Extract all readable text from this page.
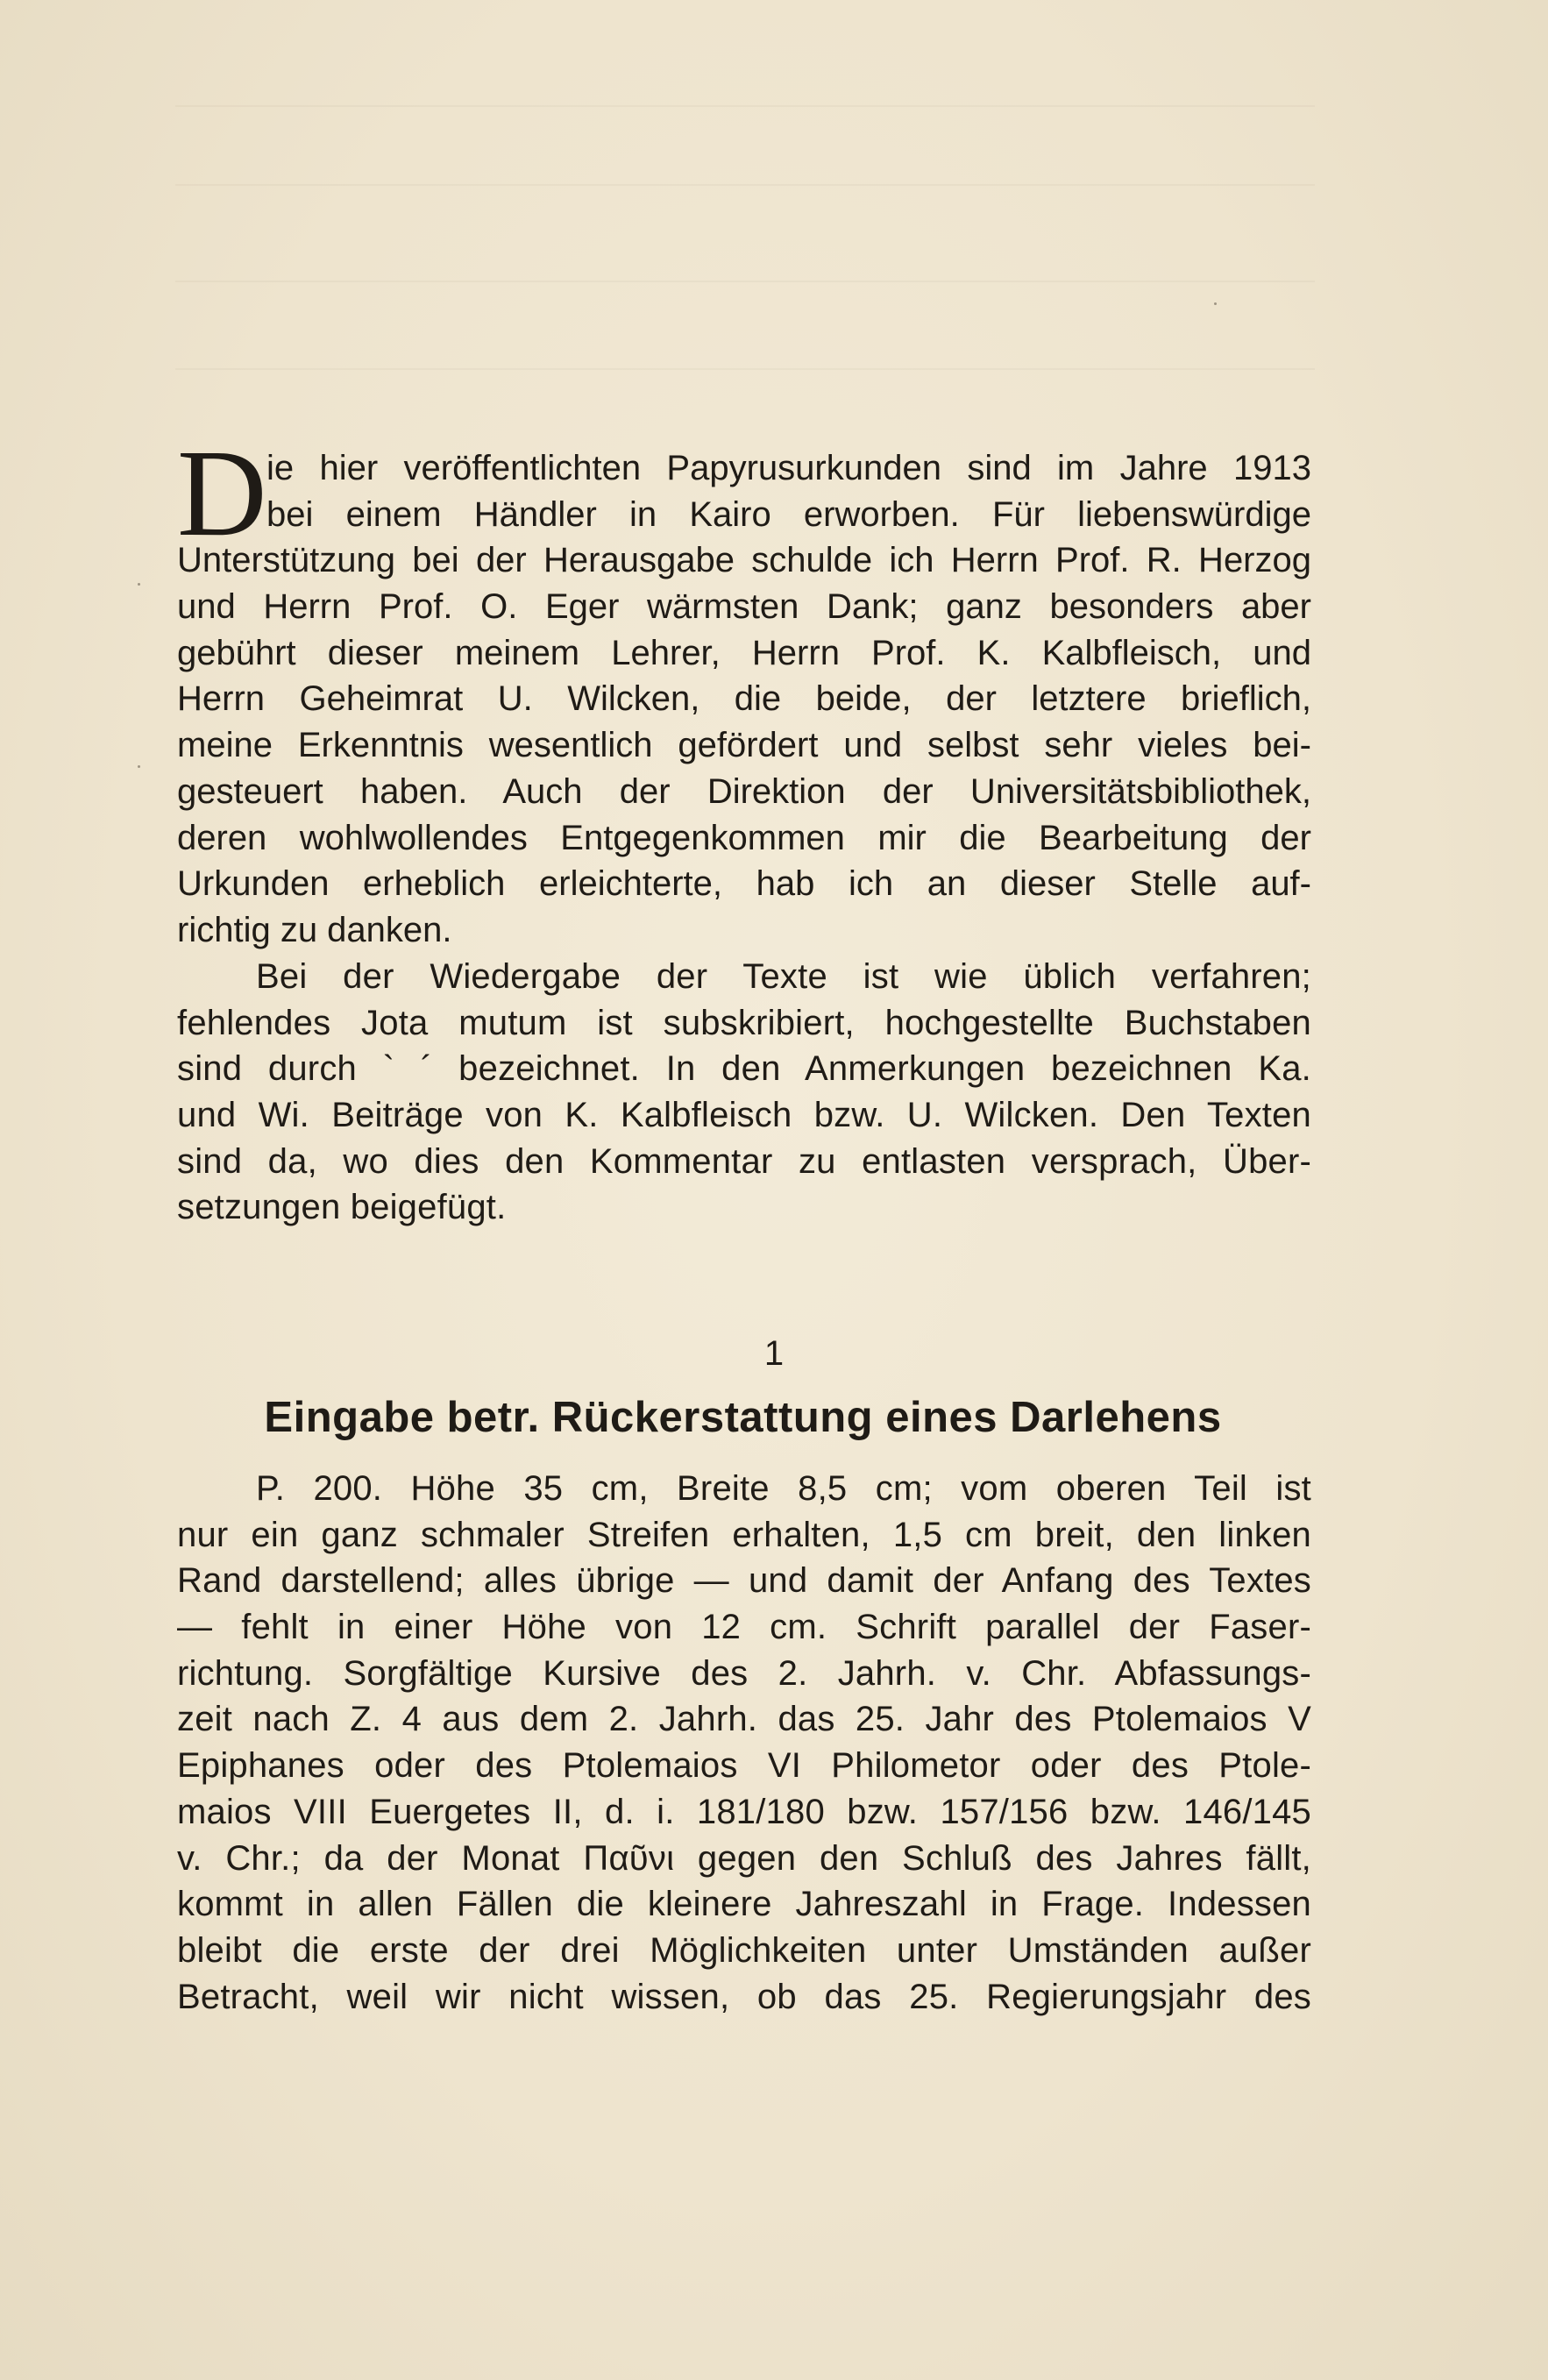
D ie hier veröffentlichten Papyrusurkunden sind im Jahre 1913
bei einem Händler in Kairo erworben. Für liebenswürdige
Unterstützung bei der Herausgabe schulde ich Herrn Prof. R. Herzog
und Herrn Prof. O. Eger wärmsten Dank; ganz besonders aber
gebührt dieser meinem Lehrer, Herrn Prof. K. Kalbfleisch, und
Herrn Geheimrat U. Wilcken, die beide, der letztere brieflich,
meine Erkenntnis wesentlich gefördert und selbst sehr vieles bei-
gesteuert haben. Auch der Direktion der Universitätsbibliothek,
deren wohlwollendes Entgegenkommen mir die Bearbeitung der
Urkunden erheblich erleichterte, hab ich an dieser Stelle auf-
richtig zu danken.
Bei der Wiedergabe der Texte ist wie üblich verfahren;
fehlendes Jota mutum ist subskribiert, hochgestellte Buchstaben
sind durch ` ´ bezeichnet. In den Anmerkungen bezeichnen Ka.
und Wi. Beiträge von K. Kalbfleisch bzw. U. Wilcken. Den Texten
sind da, wo dies den Kommentar zu entlasten versprach, Über-
setzungen beigefügt.
1
Eingabe betr. Rückerstattung eines Darlehens
P. 200. Höhe 35 cm, Breite 8,5 cm; vom oberen Teil ist
nur ein ganz schmaler Streifen erhalten, 1,5 cm breit, den linken
Rand darstellend; alles übrige — und damit der Anfang des Textes
— fehlt in einer Höhe von 12 cm. Schrift parallel der Faser-
richtung. Sorgfältige Kursive des 2. Jahrh. v. Chr. Abfassungs-
zeit nach Z. 4 aus dem 2. Jahrh. das 25. Jahr des Ptolemaios V
Epiphanes oder des Ptolemaios VI Philometor oder des Ptole-
maios VIII Euergetes II, d. i. 181/180 bzw. 157/156 bzw. 146/145
v. Chr.; da der Monat Παῦνι gegen den Schluß des Jahres fällt,
kommt in allen Fällen die kleinere Jahreszahl in Frage. Indessen
bleibt die erste der drei Möglichkeiten unter Umständen außer
Betracht, weil wir nicht wissen, ob das 25. Regierungsjahr des
